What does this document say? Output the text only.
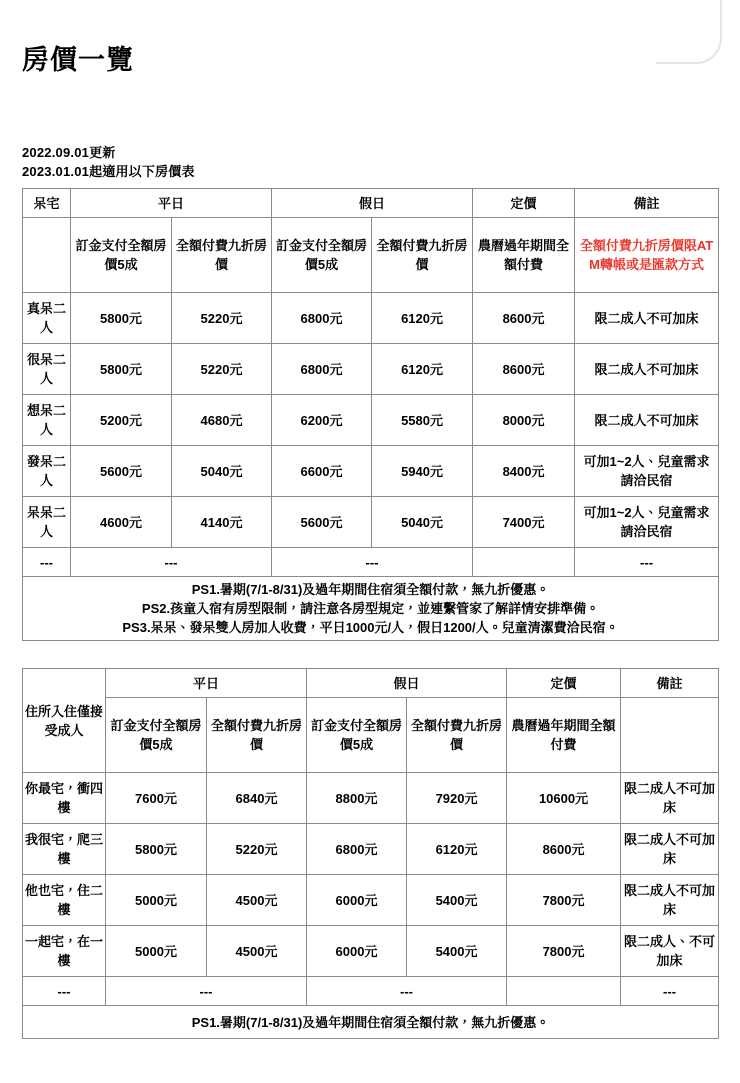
房價一覽
2022.09.01更新
2023.01.01起適用以下房價表
呆宅	平日		假日		定價	備註
	訂金支付全額房價5成	全額付費九折房價	訂金支付全額房價5成	全額付費九折房價	農曆過年期間全額付費	全額付費九折房價限ATM轉帳或是匯款方式
真呆二人	5800元	5220元	6800元	6120元	8600元	限二成人不可加床
很呆二人	5800元	5220元	6800元	6120元	8600元	限二成人不可加床
想呆二人	5200元	4680元	6200元	5580元	8000元	限二成人不可加床
發呆二人	5600元	5040元	6600元	5940元	8400元	可加1~2人、兒童需求請洽民宿
呆呆二人	4600元	4140元	5600元	5040元	7400元	可加1~2人、兒童需求請洽民宿
---	---		---			---

PS1.暑期(7/1-8/31)及過年期間住宿須全額付款，無九折優惠。
PS2.孩童入宿有房型限制，請注意各房型規定，並連繫管家了解詳情安排準備。
PS3.呆呆、發呆雙人房加人收費，平日1000元/人，假日1200/人。兒童清潔費洽民宿。						
住所入住僅接受成人	平日		假日		定價	備註
	訂金支付全額房價5成	全額付費九折房價	訂金支付全額房價5成	全額付費九折房價	農曆過年期間全額付費	
你最宅，衝四樓	7600元	6840元	8800元	7920元	10600元	限二成人不可加床
我很宅，爬三樓	5800元	5220元	6800元	6120元	8600元	限二成人不可加床
他也宅，住二樓	5000元	4500元	6000元	5400元	7800元	限二成人不可加床
一起宅，在一樓	5000元	4500元	6000元	5400元	7800元	限二成人、不可加床
---	---		---			---

PS1.暑期(7/1-8/31)及過年期間住宿須全額付款，無九折優惠。						
